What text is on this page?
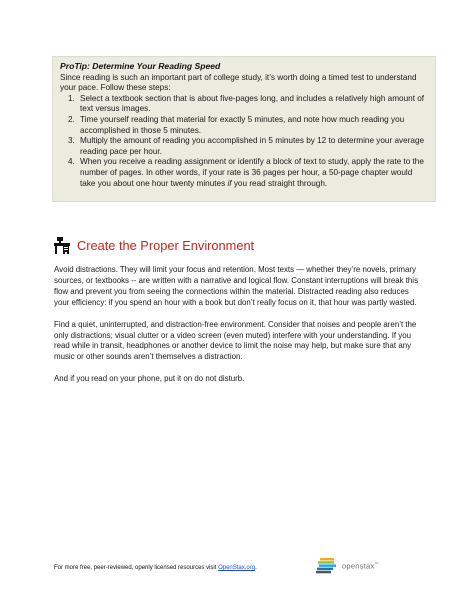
ProTip: Determine Your Reading Speed

Since reading is such an important part of college study, it’s worth doing a timed test to understand your pace. Follow these steps:

1. Select a textbook section that is about five-pages long, and includes a relatively high amount of text versus images.
2. Time yourself reading that material for exactly 5 minutes, and note how much reading you accomplished in those 5 minutes.
3. Multiply the amount of reading you accomplished in 5 minutes by 12 to determine your average reading pace per hour.
4. When you receive a reading assignment or identify a block of text to study, apply the rate to the number of pages. In other words, if your rate is 36 pages per hour, a 50-page chapter would take you about one hour twenty minutes if you read straight through.
Create the Proper Environment

Avoid distractions. They will limit your focus and retention. Most texts — whether they’re novels, primary sources, or textbooks -- are written with a narrative and logical flow. Constant interruptions will break this flow and prevent you from seeing the connections within the material. Distracted reading also reduces your efficiency: if you spend an hour with a book but don’t really focus on it, that hour was partly wasted.

Find a quiet, uninterrupted, and distraction-free environment. Consider that noises and people aren’t the only distractions; visual clutter or a video screen (even muted) interfere with your understanding. If you read while in transit, headphones or another device to limit the noise may help, but make sure that any music or other sounds aren’t themselves a distraction.

And if you read on your phone, put it on do not disturb.

For more free, peer-reviewed, openly licensed resources visit OpenStax.org.	openstax™
